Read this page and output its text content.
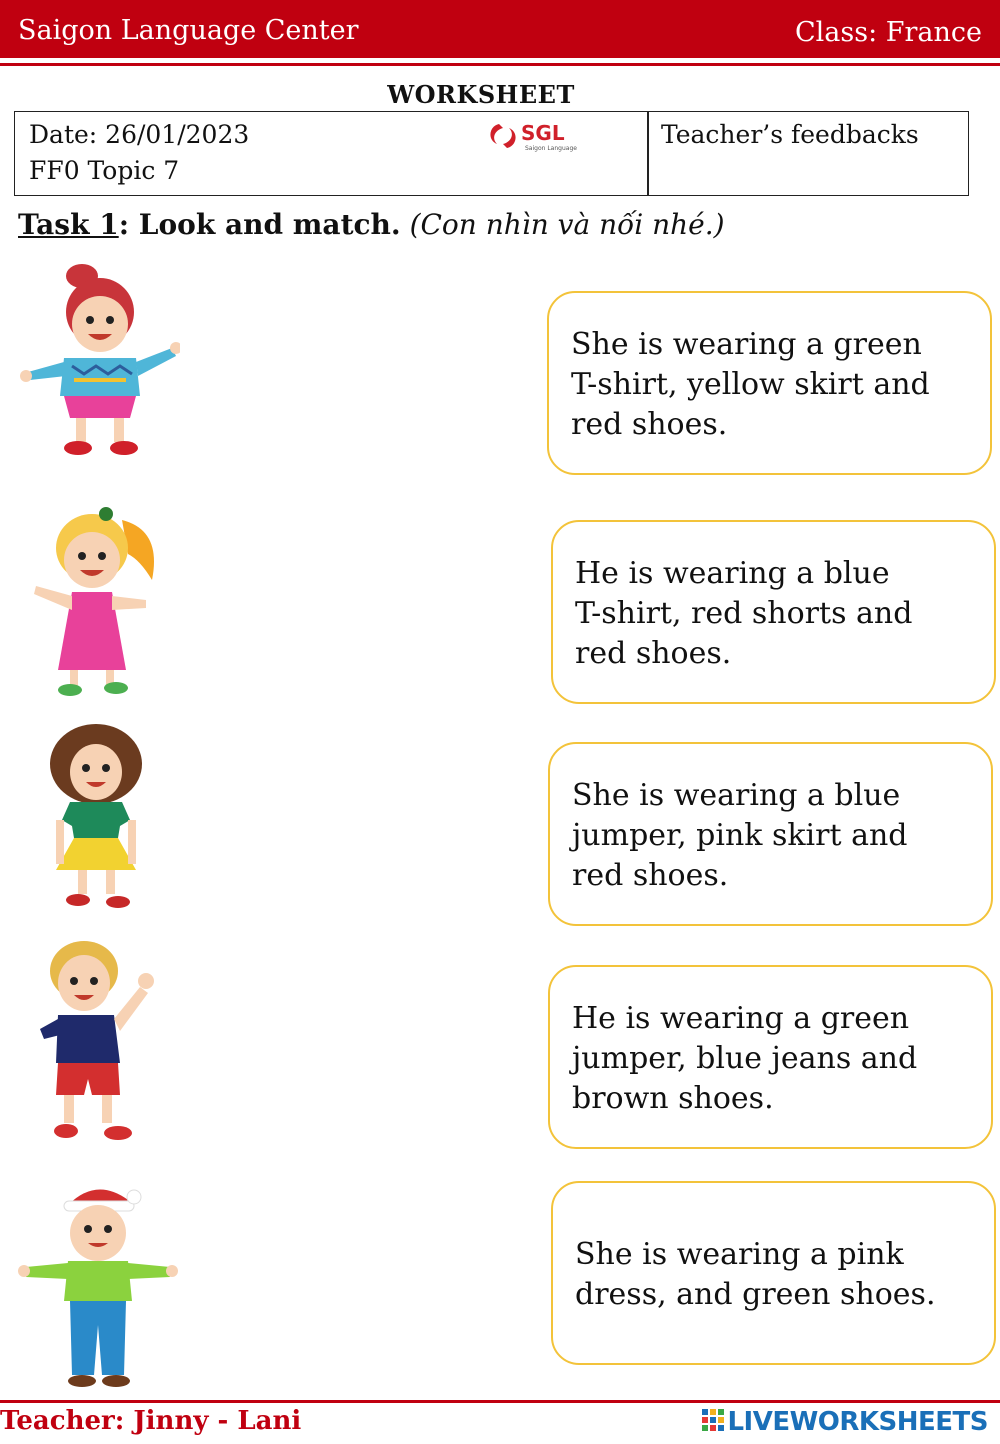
Saigon Language Center	Class: France
WORKSHEET
Date: 26/01/2023
FF0 Topic 7
Teacher’s feedbacks
SGL
Saigon Language
Task 1: Look and match. (Con nhìn và nối nhé.)
She is wearing a green
T-shirt, yellow skirt and
red shoes.
He is wearing a blue
T-shirt, red shorts and
red shoes.
She is wearing a blue
jumper, pink skirt and
red shoes.
He is wearing a green
jumper, blue jeans and
brown shoes.
She is wearing a pink
dress, and green shoes.
Teacher: Jinny - Lani	LIVEWORKSHEETS
